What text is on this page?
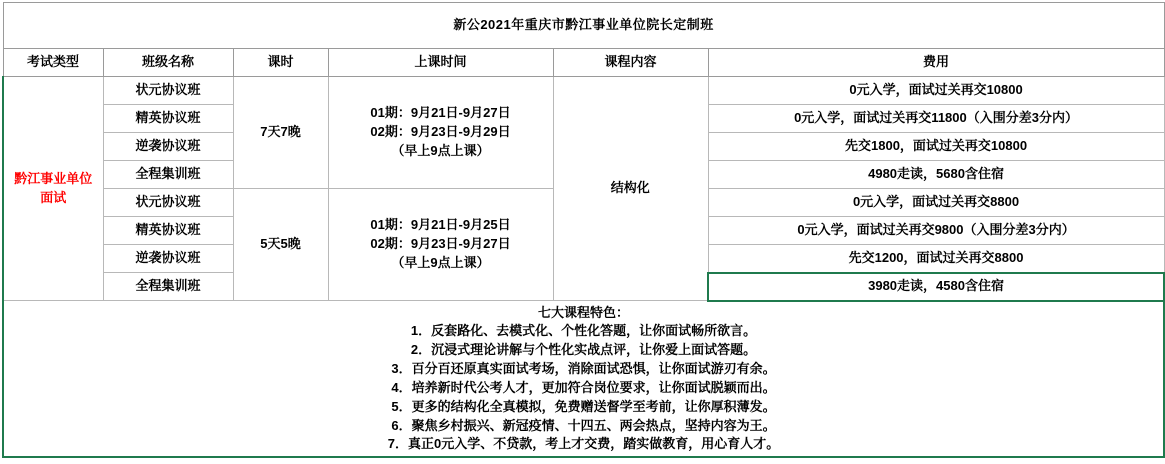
新公2021年重庆市黔江事业单位院长定制班					
考试类型	班级名称	课时	上课时间	课程内容	费用
黔江事业单位面试	状元协议班	7天7晚	01期：9月21日-9月27日
02期：9月23日-9月29日
（早上9点上课）	结构化	0元入学，面试过关再交10800
	精英协议班				0元入学，面试过关再交11800（入围分差3分内）
	逆袭协议班				先交1800，面试过关再交10800
	全程集训班				4980走读，5680含住宿
	状元协议班	5天5晚	01期：9月21日-9月25日
02期：9月23日-9月27日
（早上9点上课）		0元入学，面试过关再交8800
	精英协议班				0元入学，面试过关再交9800（入围分差3分内）
	逆袭协议班				先交1200，面试过关再交8800
	全程集训班				3980走读，4580含住宿

七大课程特色：
1．反套路化、去模式化、个性化答题，让你面试畅所欲言。
2．沉浸式理论讲解与个性化实战点评，让你爱上面试答题。
3．百分百还原真实面试考场，消除面试恐惧，让你面试游刃有余。
4．培养新时代公考人才，更加符合岗位要求，让你面试脱颖而出。
5．更多的结构化全真模拟，免费赠送督学至考前，让你厚积薄发。
6．聚焦乡村振兴、新冠疫情、十四五、两会热点，坚持内容为王。
7．真正0元入学、不贷款，考上才交费，踏实做教育，用心育人才。
